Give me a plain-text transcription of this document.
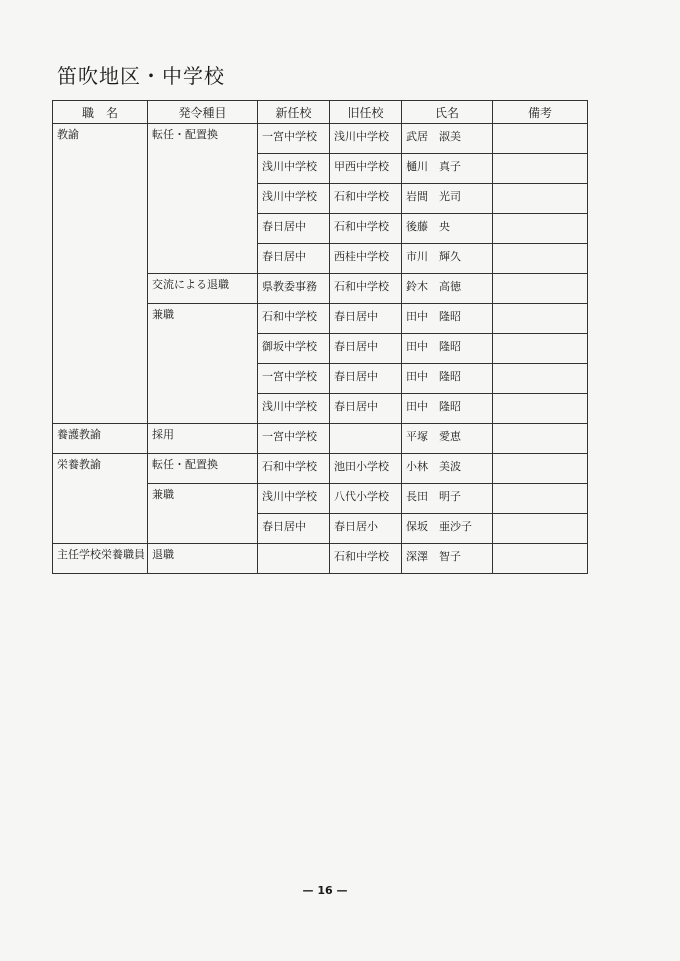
笛吹地区・中学校
職　名	発令種目	新任校	旧任校	氏名	備考
教諭	転任・配置換	一宮中学校	浅川中学校	武居　淑美	
		浅川中学校	甲西中学校	樋川　真子	
		浅川中学校	石和中学校	岩間　光司	
		春日居中	石和中学校	後藤　央	
		春日居中	西桂中学校	市川　輝久	
	交流による退職	県教委事務	石和中学校	鈴木　高徳	
	兼職	石和中学校	春日居中	田中　隆昭	
		御坂中学校	春日居中	田中　隆昭	
		一宮中学校	春日居中	田中　隆昭	
		浅川中学校	春日居中	田中　隆昭	
養護教諭	採用	一宮中学校		平塚　愛恵	
栄養教諭	転任・配置換	石和中学校	池田小学校	小林　美波	
	兼職	浅川中学校	八代小学校	長田　明子	
		春日居中	春日居小	保坂　亜沙子	
主任学校栄養職員	退職		石和中学校	深澤　智子	
— 16 —
